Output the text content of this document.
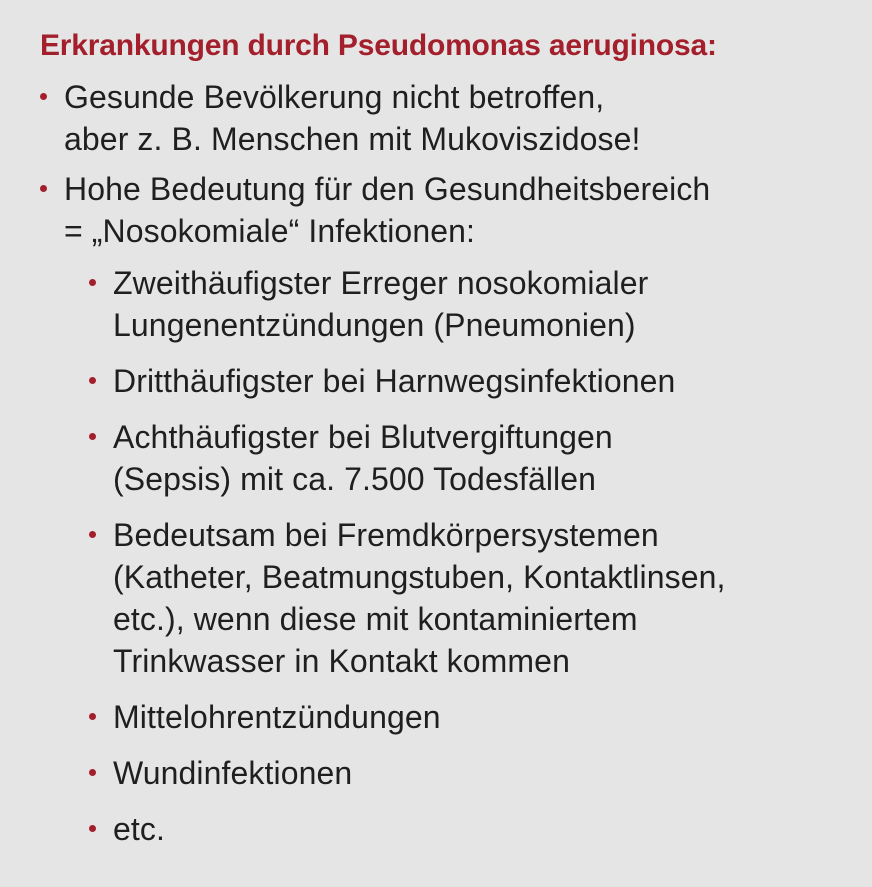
Erkrankungen durch Pseudomonas aeruginosa:
Gesunde Bevölkerung nicht betroffen,
aber z. B. Menschen mit Mukoviszidose!
Hohe Bedeutung für den Gesundheitsbereich
= „Nosokomiale“ Infektionen:
Zweithäufigster Erreger nosokomialer
Lungenentzündungen (Pneumonien)
Dritthäufigster bei Harnwegsinfektionen
Achthäufigster bei Blutvergiftungen
(Sepsis) mit ca. 7.500 Todesfällen
Bedeutsam bei Fremdkörpersystemen
(Katheter, Beatmungstuben, Kontaktlinsen,
etc.), wenn diese mit kontaminiertem
Trinkwasser in Kontakt kommen
Mittelohrentzündungen
Wundinfektionen
etc.
